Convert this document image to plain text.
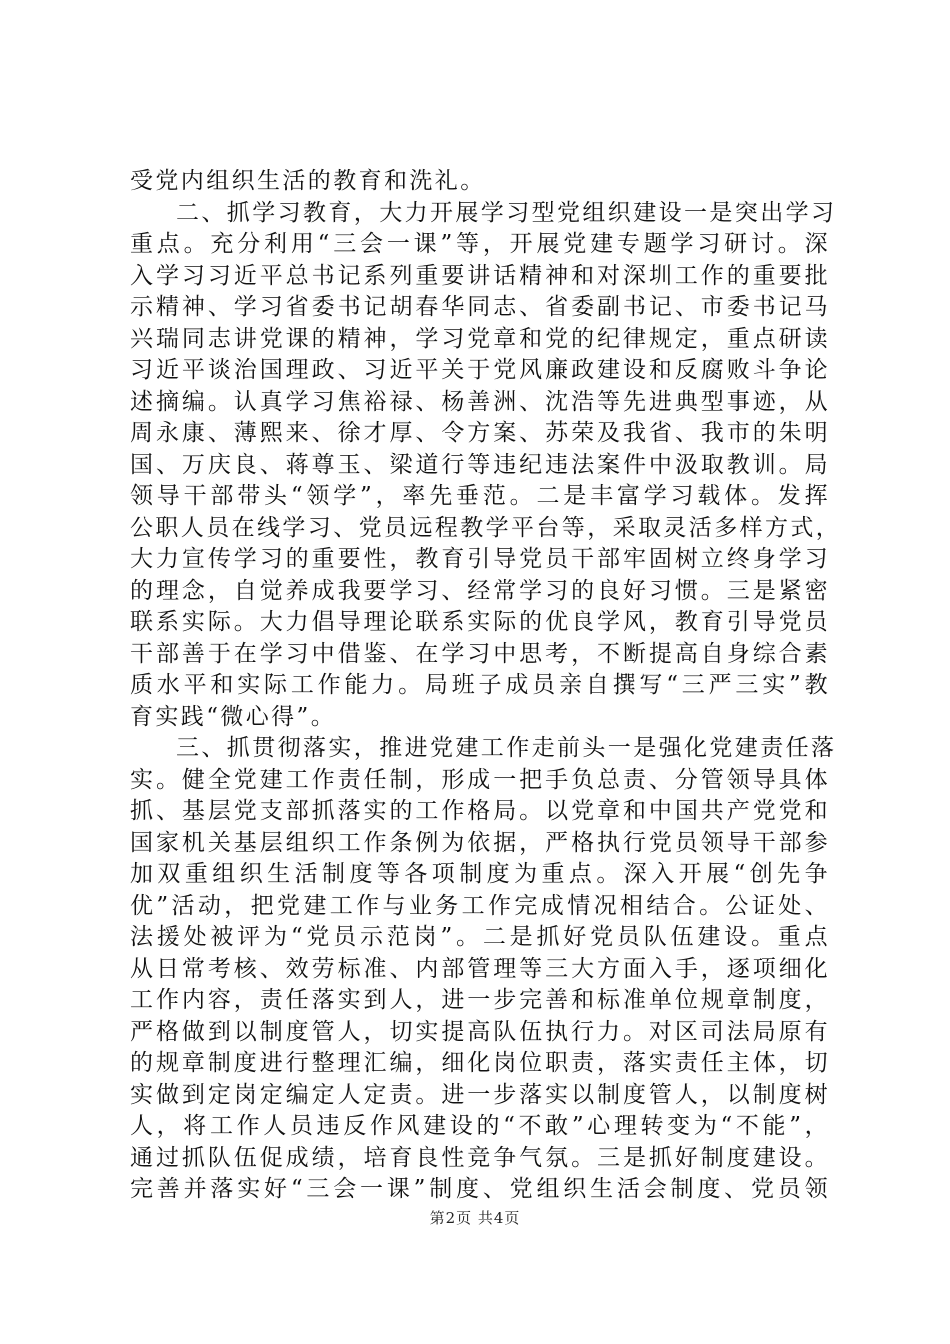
受党内组织生活的教育和洗礼。
二、抓学习教育，大力开展学习型党组织建设一是突出学习
重点。充分利用“三会一课”等，开展党建专题学习研讨。深
入学习习近平总书记系列重要讲话精神和对深圳工作的重要批
示精神、学习省委书记胡春华同志、省委副书记、市委书记马
兴瑞同志讲党课的精神，学习党章和党的纪律规定，重点研读
习近平谈治国理政、习近平关于党风廉政建设和反腐败斗争论
述摘编。认真学习焦裕禄、杨善洲、沈浩等先进典型事迹，从
周永康、薄熙来、徐才厚、令方案、苏荣及我省、我市的朱明
国、万庆良、蒋尊玉、梁道行等违纪违法案件中汲取教训。局
领导干部带头“领学”，率先垂范。二是丰富学习载体。发挥
公职人员在线学习、党员远程教学平台等，采取灵活多样方式，
大力宣传学习的重要性，教育引导党员干部牢固树立终身学习
的理念，自觉养成我要学习、经常学习的良好习惯。三是紧密
联系实际。大力倡导理论联系实际的优良学风，教育引导党员
干部善于在学习中借鉴、在学习中思考，不断提高自身综合素
质水平和实际工作能力。局班子成员亲自撰写“三严三实”教
育实践“微心得”。
三、抓贯彻落实，推进党建工作走前头一是强化党建责任落
实。健全党建工作责任制，形成一把手负总责、分管领导具体
抓、基层党支部抓落实的工作格局。以党章和中国共产党党和
国家机关基层组织工作条例为依据，严格执行党员领导干部参
加双重组织生活制度等各项制度为重点。深入开展“创先争
优”活动，把党建工作与业务工作完成情况相结合。公证处、
法援处被评为“党员示范岗”。二是抓好党员队伍建设。重点
从日常考核、效劳标准、内部管理等三大方面入手，逐项细化
工作内容，责任落实到人，进一步完善和标准单位规章制度，
严格做到以制度管人，切实提高队伍执行力。对区司法局原有
的规章制度进行整理汇编，细化岗位职责，落实责任主体，切
实做到定岗定编定人定责。进一步落实以制度管人，以制度树
人，将工作人员违反作风建设的“不敢”心理转变为“不能”，
通过抓队伍促成绩，培育良性竞争气氛。三是抓好制度建设。
完善并落实好“三会一课”制度、党组织生活会制度、党员领
第2页 共4页
